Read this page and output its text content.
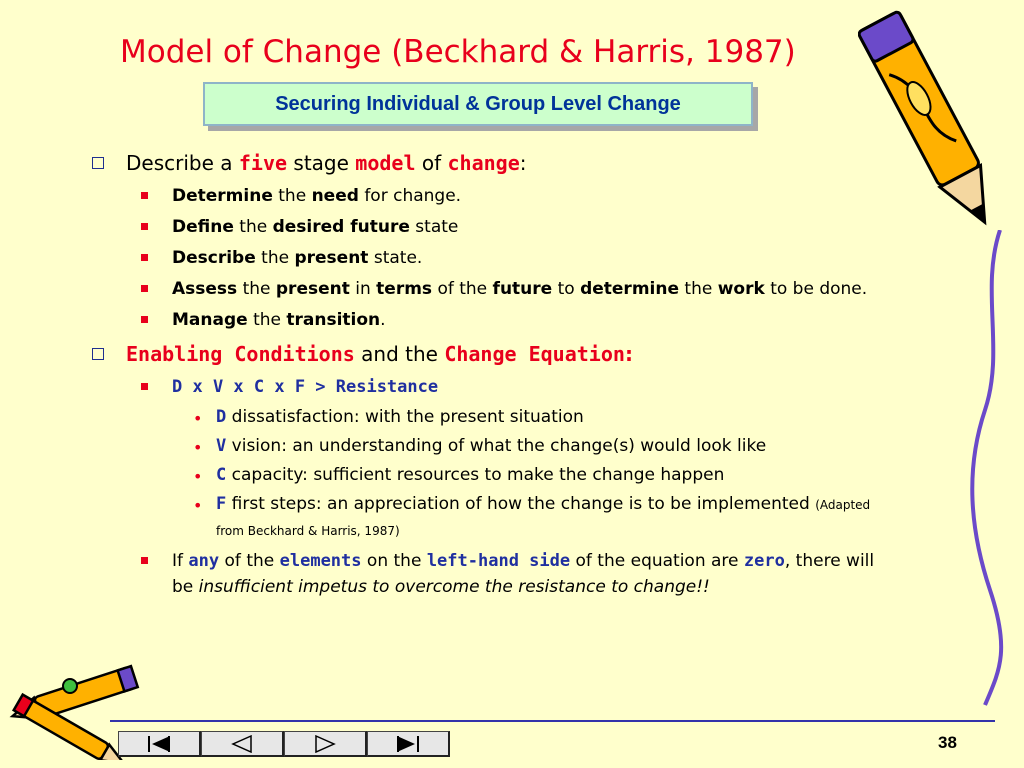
Model of Change (Beckhard & Harris, 1987)
Securing Individual & Group Level Change
Describe a five stage model of change:
Determine the need for change.
Define the desired future state
Describe the present state.
Assess the present in terms of the future to determine the work to be done.
Manage the transition.
Enabling Conditions and the Change Equation:
D x V x C x F > Resistance
• D dissatisfaction: with the present situation
• V vision: an understanding of what the change(s) would look like
• C capacity: sufficient resources to make the change happen
• F first steps: an appreciation of how the change is to be implemented (Adapted from Beckhard & Harris, 1987)
If any of the elements on the left-hand side of the equation are zero, there will be insufficient impetus to overcome the resistance to change!!
38
